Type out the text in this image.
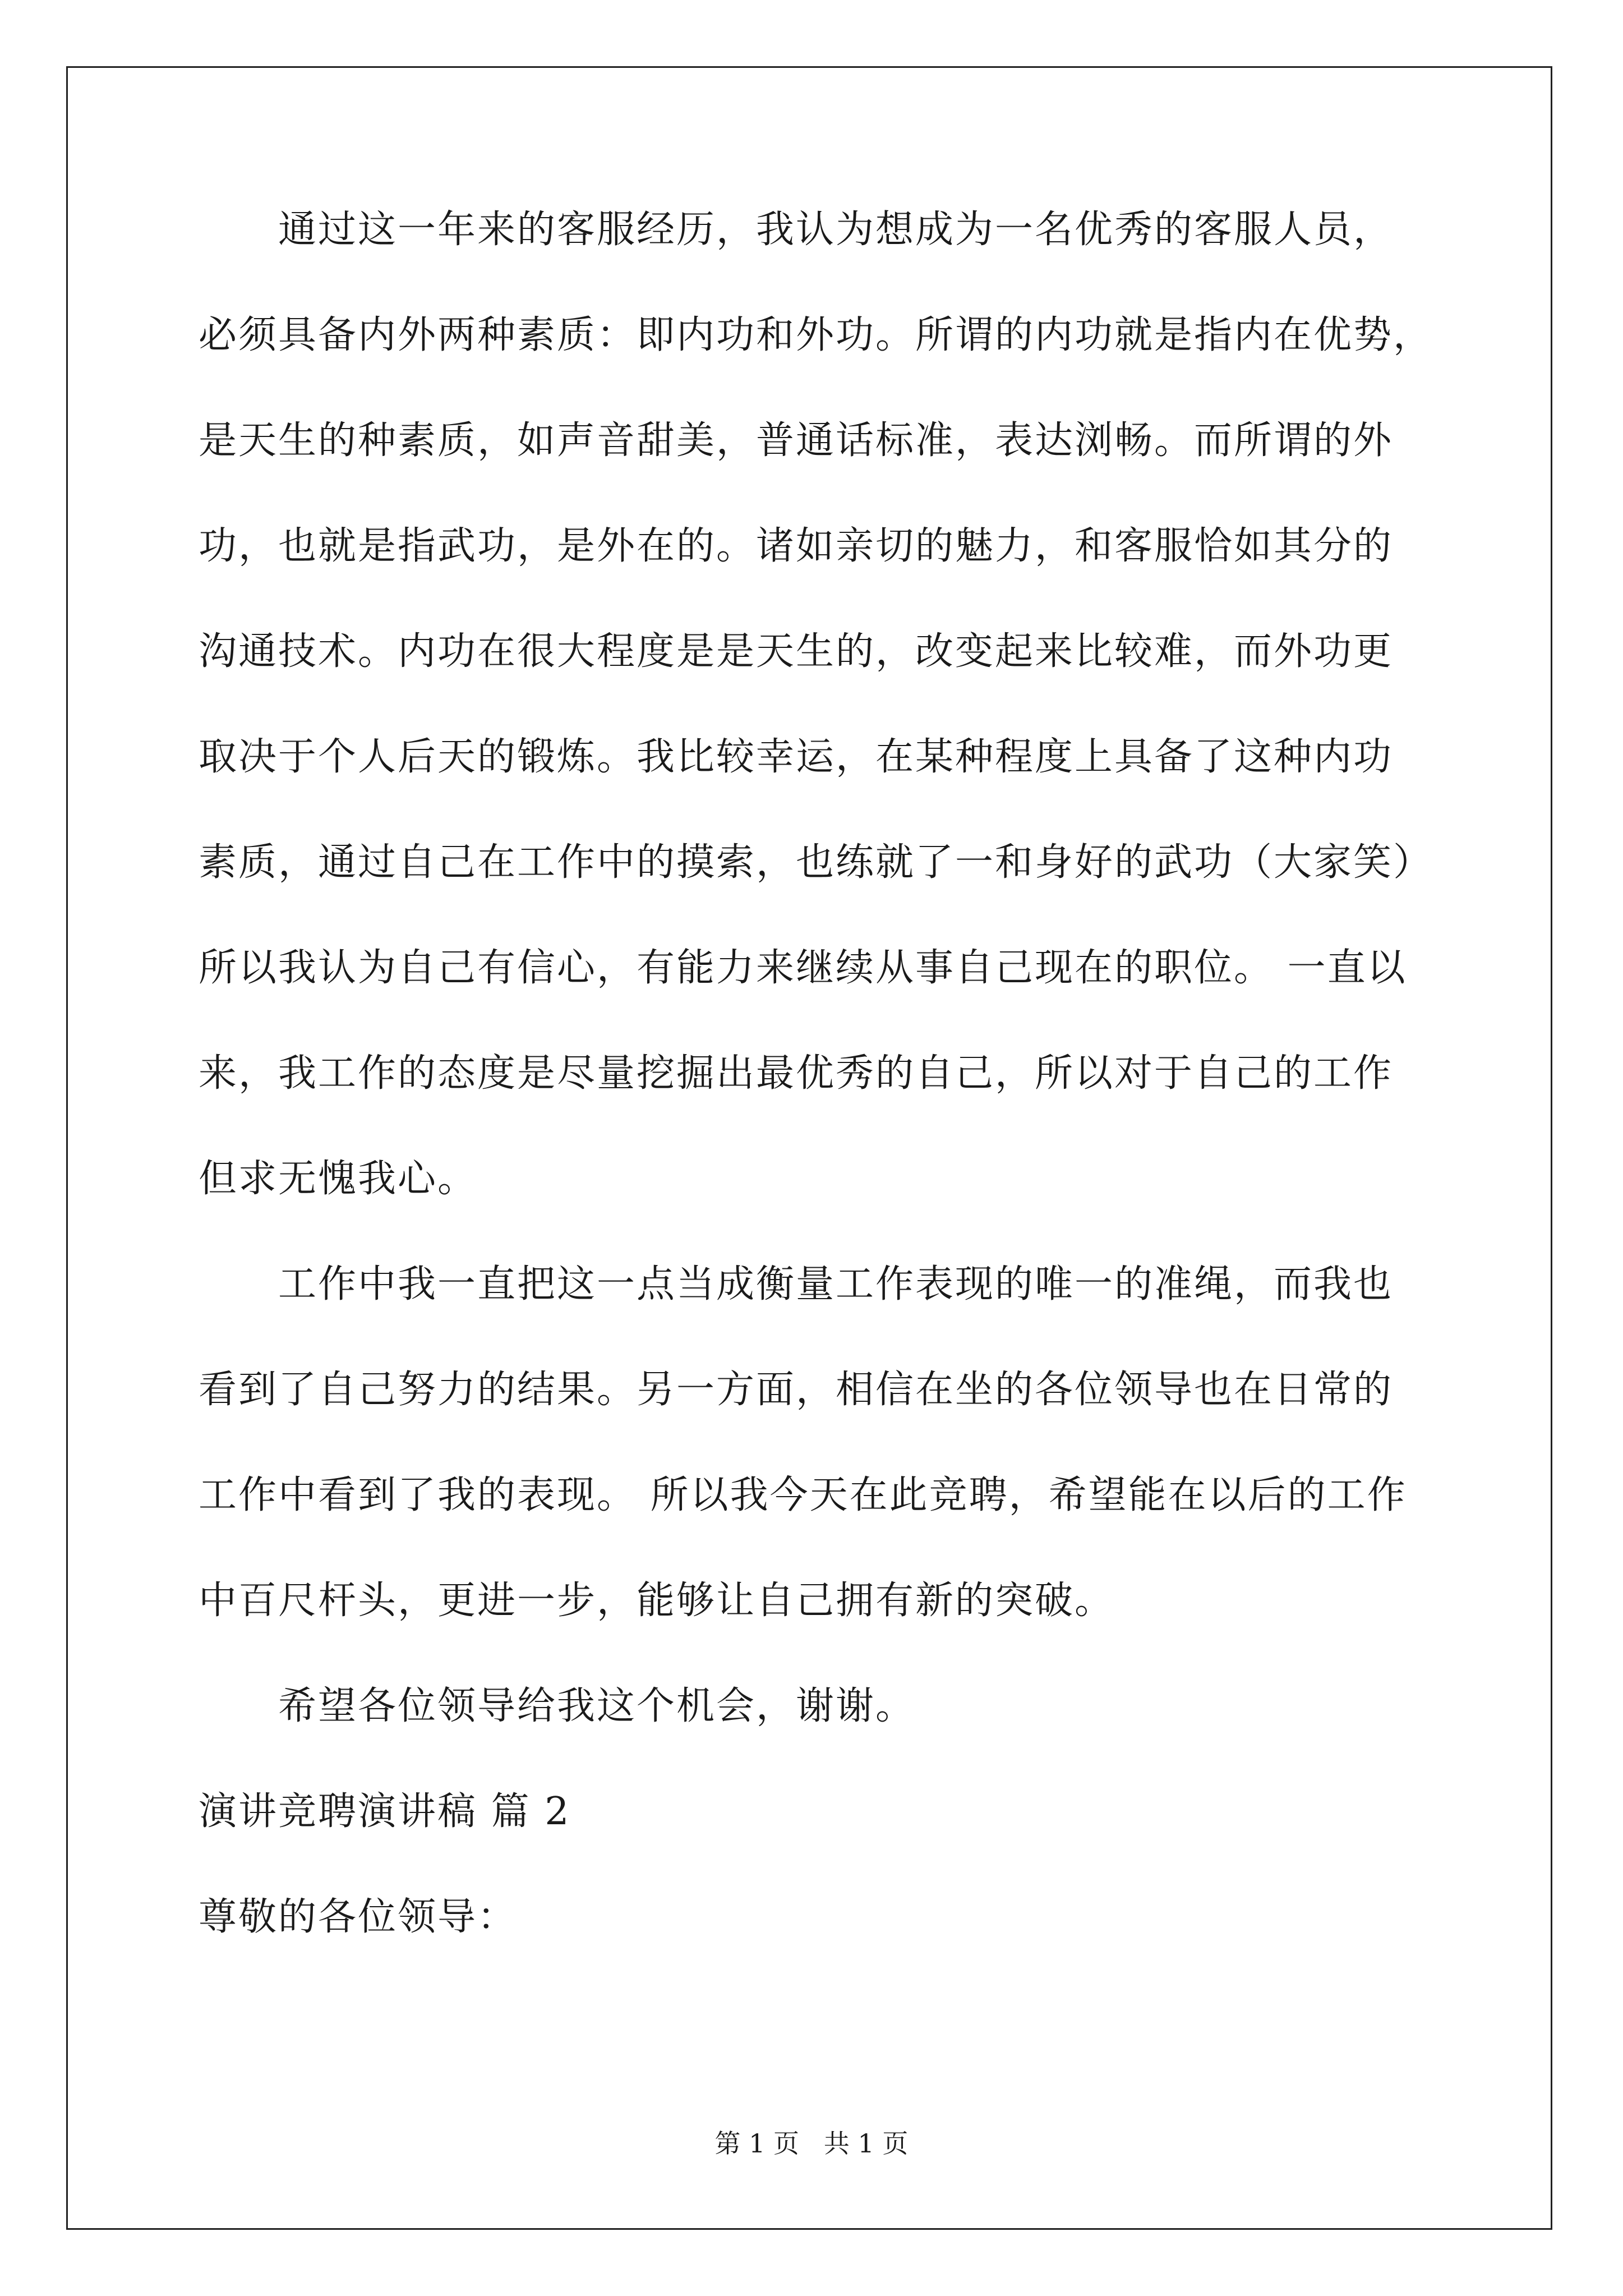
　　通过这一年来的客服经历，我认为想成为一名优秀的客服人员，
必须具备内外两种素质：即内功和外功。所谓的内功就是指内在优势，
是天生的种素质，如声音甜美，普通话标准，表达浏畅。而所谓的外
功，也就是指武功，是外在的。诸如亲切的魅力，和客服恰如其分的
沟通技术。内功在很大程度是是天生的，改变起来比较难，而外功更
取决于个人后天的锻炼。我比较幸运，在某种程度上具备了这种内功
素质，通过自己在工作中的摸索，也练就了一和身好的武功（大家笑）
所以我认为自己有信心，有能力来继续从事自己现在的职位。 一直以
来，我工作的态度是尽量挖掘出最优秀的自己，所以对于自己的工作
但求无愧我心。
　　工作中我一直把这一点当成衡量工作表现的唯一的准绳，而我也
看到了自己努力的结果。另一方面，相信在坐的各位领导也在日常的
工作中看到了我的表现。 所以我今天在此竞聘，希望能在以后的工作
中百尺杆头，更进一步，能够让自己拥有新的突破。
　　希望各位领导给我这个机会，谢谢。
演讲竞聘演讲稿 篇 2
尊敬的各位领导：
第 1 页   共 1 页
